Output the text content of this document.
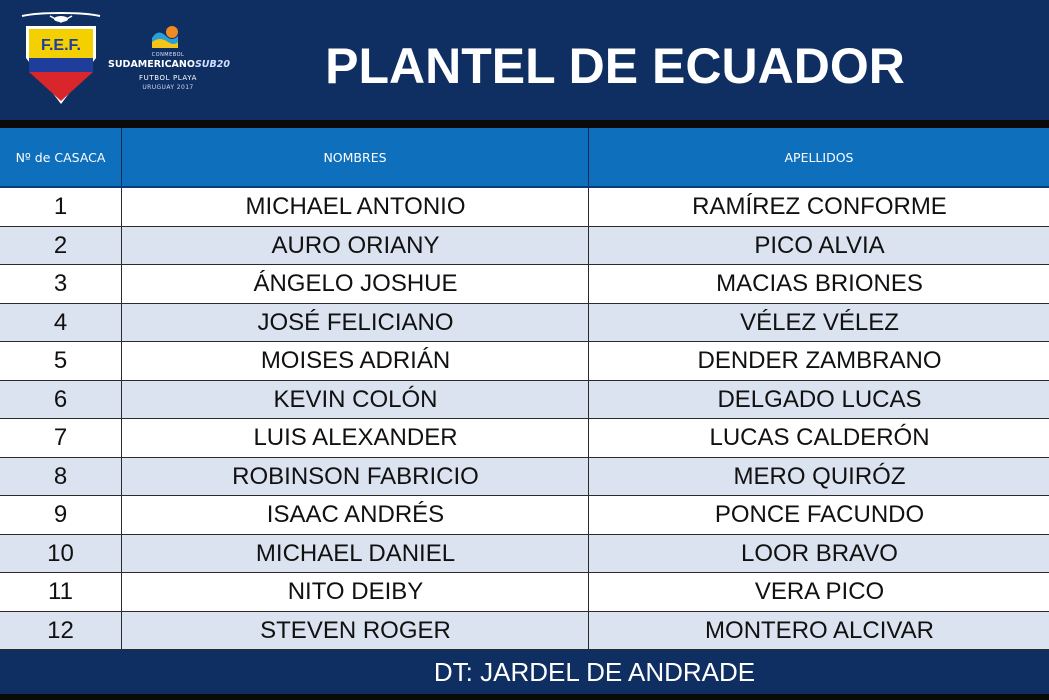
F.E.F.
CONMEBOL
SUDAMERICANOSUB20
FUTBOL PLAYA
URUGUAY 2017	PLANTEL DE ECUADOR
Nº de CASACA	NOMBRES	APELLIDOS
1	MICHAEL ANTONIO	RAMÍREZ CONFORME
2	AURO ORIANY	PICO ALVIA
3	ÁNGELO JOSHUE	MACIAS BRIONES
4	JOSÉ FELICIANO	VÉLEZ VÉLEZ
5	MOISES ADRIÁN	DENDER ZAMBRANO
6	KEVIN COLÓN	DELGADO LUCAS
7	LUIS ALEXANDER	LUCAS CALDERÓN
8	ROBINSON FABRICIO	MERO QUIRÓZ
9	ISAAC ANDRÉS	PONCE FACUNDO
10	MICHAEL DANIEL	LOOR BRAVO
11	NITO DEIBY	VERA PICO
12	STEVEN ROGER	MONTERO ALCIVAR
DT: JARDEL DE ANDRADE
